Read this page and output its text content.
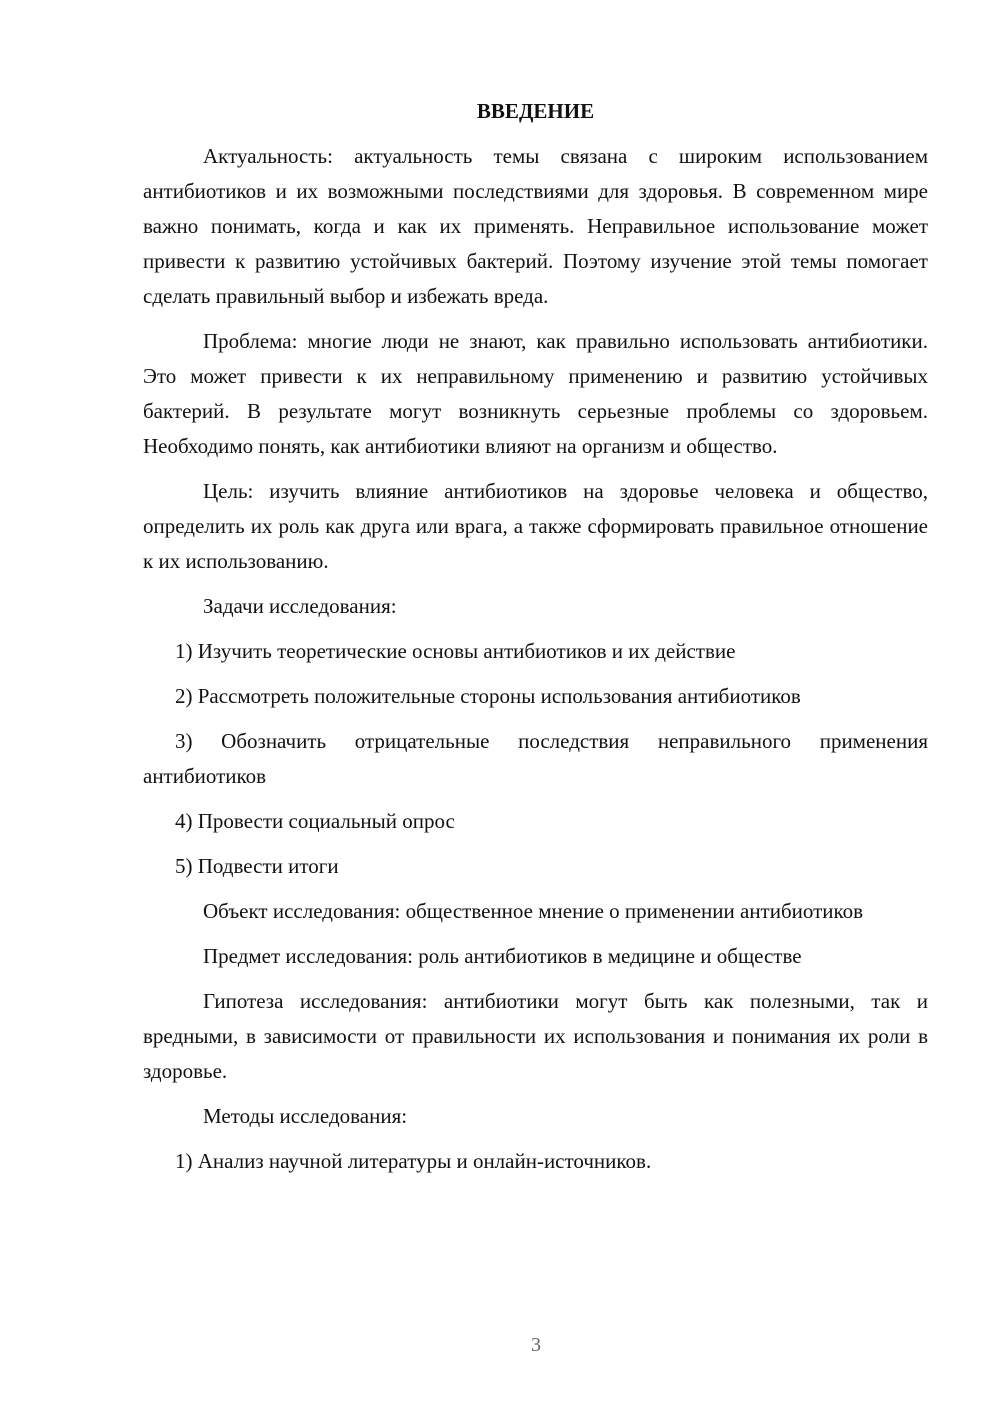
ВВЕДЕНИЕ
Актуальность: актуальность темы связана с широким использованием антибиотиков и их возможными последствиями для здоровья. В современном мире важно понимать, когда и как их применять. Неправильное использование может привести к развитию устойчивых бактерий. Поэтому изучение этой темы помогает сделать правильный выбор и избежать вреда.
Проблема: многие люди не знают, как правильно использовать антибиотики. Это может привести к их неправильному применению и развитию устойчивых бактерий. В результате могут возникнуть серьезные проблемы со здоровьем. Необходимо понять, как антибиотики влияют на организм и общество.
Цель: изучить влияние антибиотиков на здоровье человека и общество, определить их роль как друга или врага, а также сформировать правильное отношение к их использованию.
Задачи исследования:
1) Изучить теоретические основы антибиотиков и их действие
2) Рассмотреть положительные стороны использования антибиотиков
3) Обозначить отрицательные последствия неправильного применения антибиотиков
4) Провести социальный опрос
5) Подвести итоги
Объект исследования: общественное мнение о применении антибиотиков
Предмет исследования: роль антибиотиков в медицине и обществе
Гипотеза исследования: антибиотики могут быть как полезными, так и вредными, в зависимости от правильности их использования и понимания их роли в здоровье.
Методы исследования:
1) Анализ научной литературы и онлайн-источников.
3
